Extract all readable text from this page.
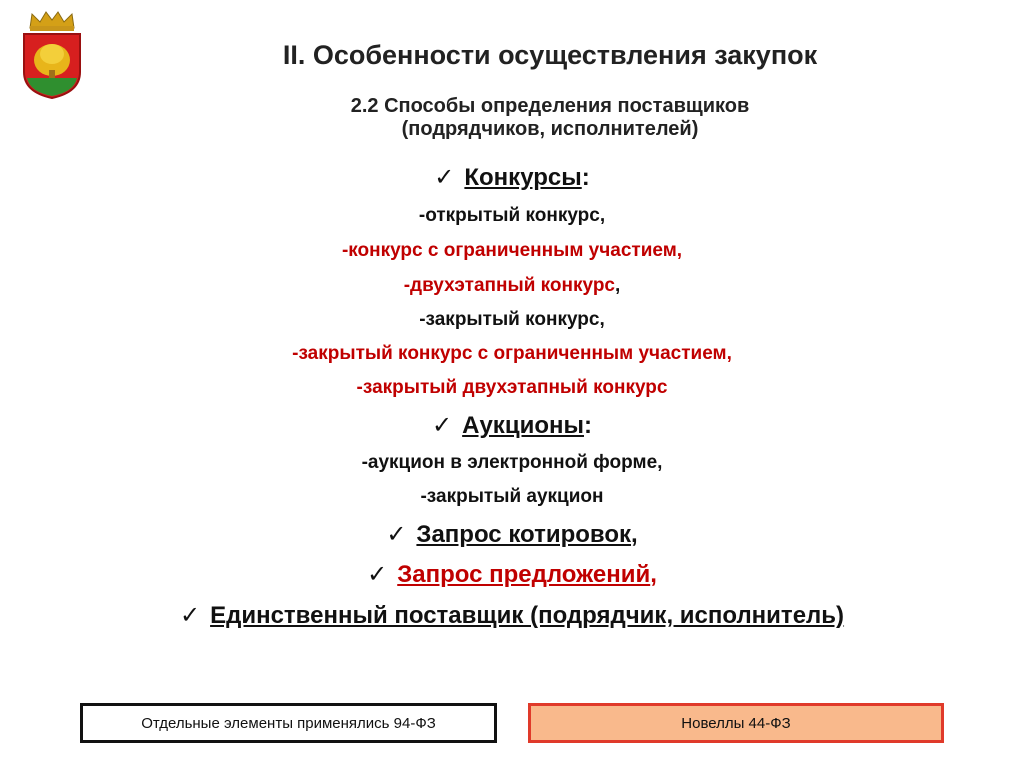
II. Особенности осуществления закупок
2.2 Способы определения поставщиков
(подрядчиков, исполнителей)
✓ Конкурсы:
-открытый конкурс,
-конкурс с ограниченным участием,
-двухэтапный конкурс,
-закрытый конкурс,
-закрытый конкурс с ограниченным участием,
-закрытый двухэтапный конкурс
✓ Аукционы:
-аукцион в электронной форме,
-закрытый аукцион
✓ Запрос котировок,
✓ Запрос предложений,
✓ Единственный поставщик (подрядчик, исполнитель)
Отдельные элементы применялись 94-ФЗ	Новеллы 44-ФЗ
